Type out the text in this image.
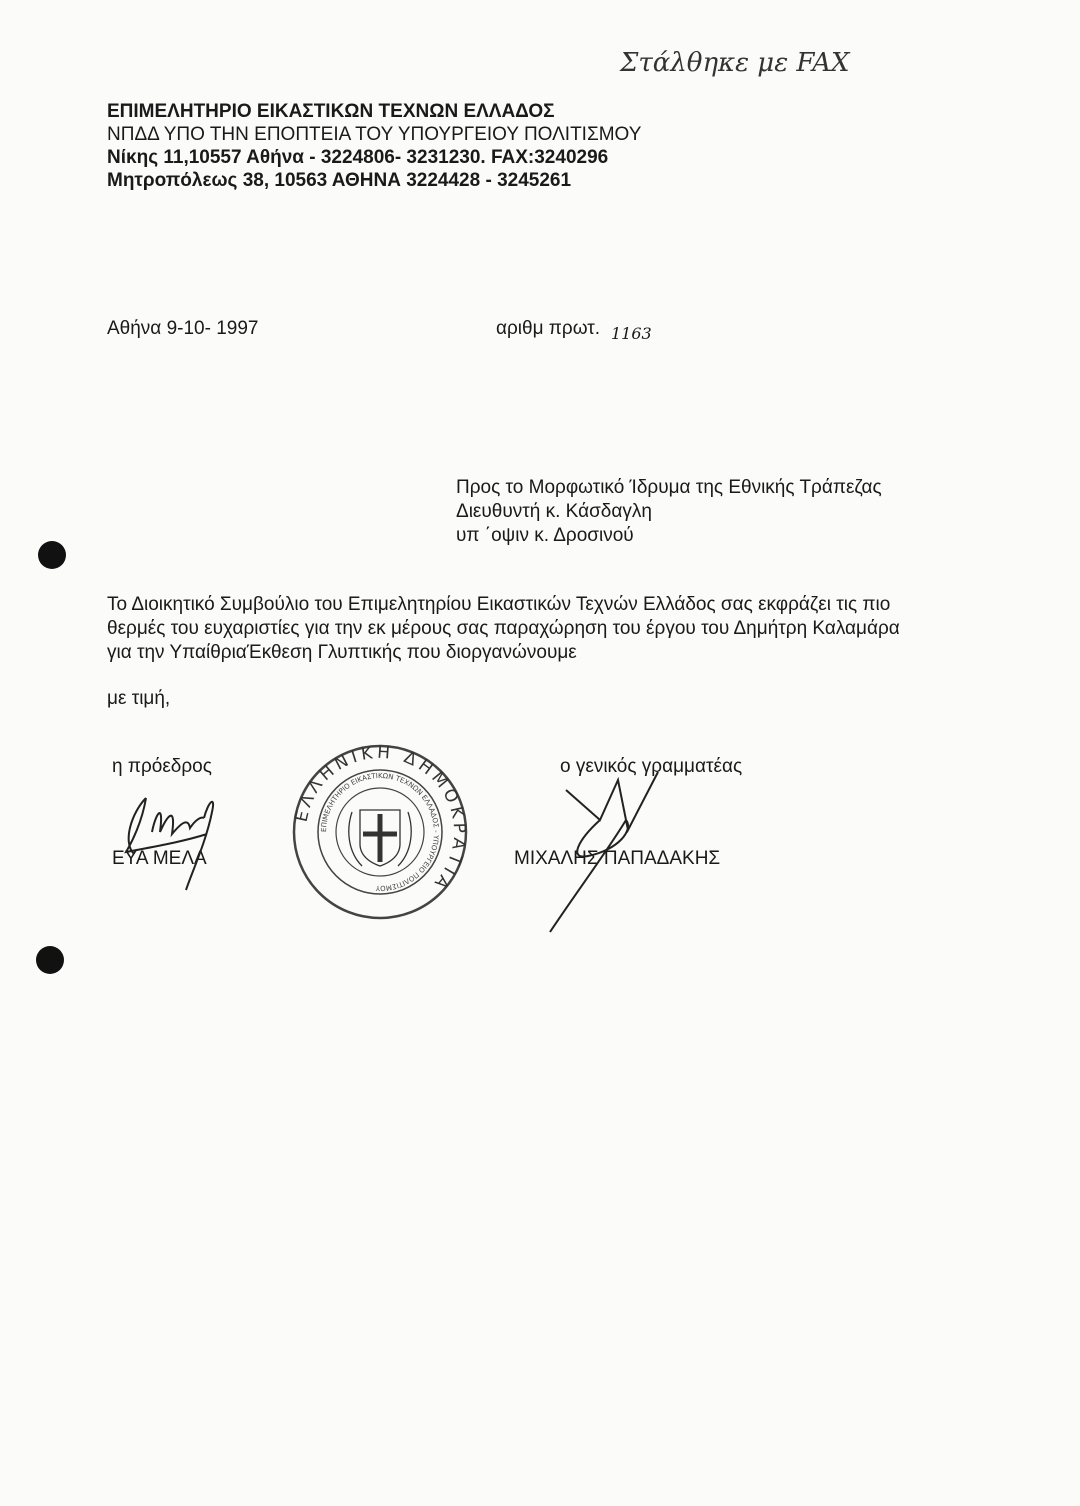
Στάλθηκε με FAX
ΕΠΙΜΕΛΗΤΗΡΙΟ ΕΙΚΑΣΤΙΚΩΝ ΤΕΧΝΩΝ ΕΛΛΑΔΟΣ
ΝΠΔΔ ΥΠΟ ΤΗΝ ΕΠΟΠΤΕΙΑ ΤΟΥ ΥΠΟΥΡΓΕΙΟΥ ΠΟΛΙΤΙΣΜΟΥ
Νίκης 11,10557 Αθήνα - 3224806- 3231230. FAX:3240296
Μητροπόλεως 38, 10563 ΑΘΗΝΑ 3224428 - 3245261
Αθήνα 9-10- 1997	αριθμ πρωτ. 1163
Προς το Μορφωτικό Ίδρυμα της Εθνικής Τράπεζας
Διευθυντή κ. Κάσδαγλη
υπ ΄οψιν κ. Δροσινού
Το Διοικητικό Συμβούλιο του Επιμελητηρίου Εικαστικών Τεχνών Ελλάδος σας εκφράζει τις πιο
θερμές του ευχαριστίες για την εκ μέρους σας παραχώρηση του έργου του Δημήτρη Καλαμάρα
για την ΥπαίθριαΈκθεση Γλυπτικής που διοργανώνουμε
με τιμή,
η πρόεδρος
ΕΥΑ ΜΕΛΑ
ο γενικός γραμματέας
ΜΙΧΑΛΗΣ ΠΑΠΑΔΑΚΗΣ
ΕΛΛΗΝΙΚΗ ΔΗΜΟΚΡΑΤΙΑ
ΕΠΙΜΕΛΗΤΗΡΙΟ ΕΙΚΑΣΤΙΚΩΝ ΤΕΧΝΩΝ ΕΛΛΑΔΟΣ - ΥΠΟΥΡΓΕΙΟ ΠΟΛΙΤΙΣΜΟΥ
